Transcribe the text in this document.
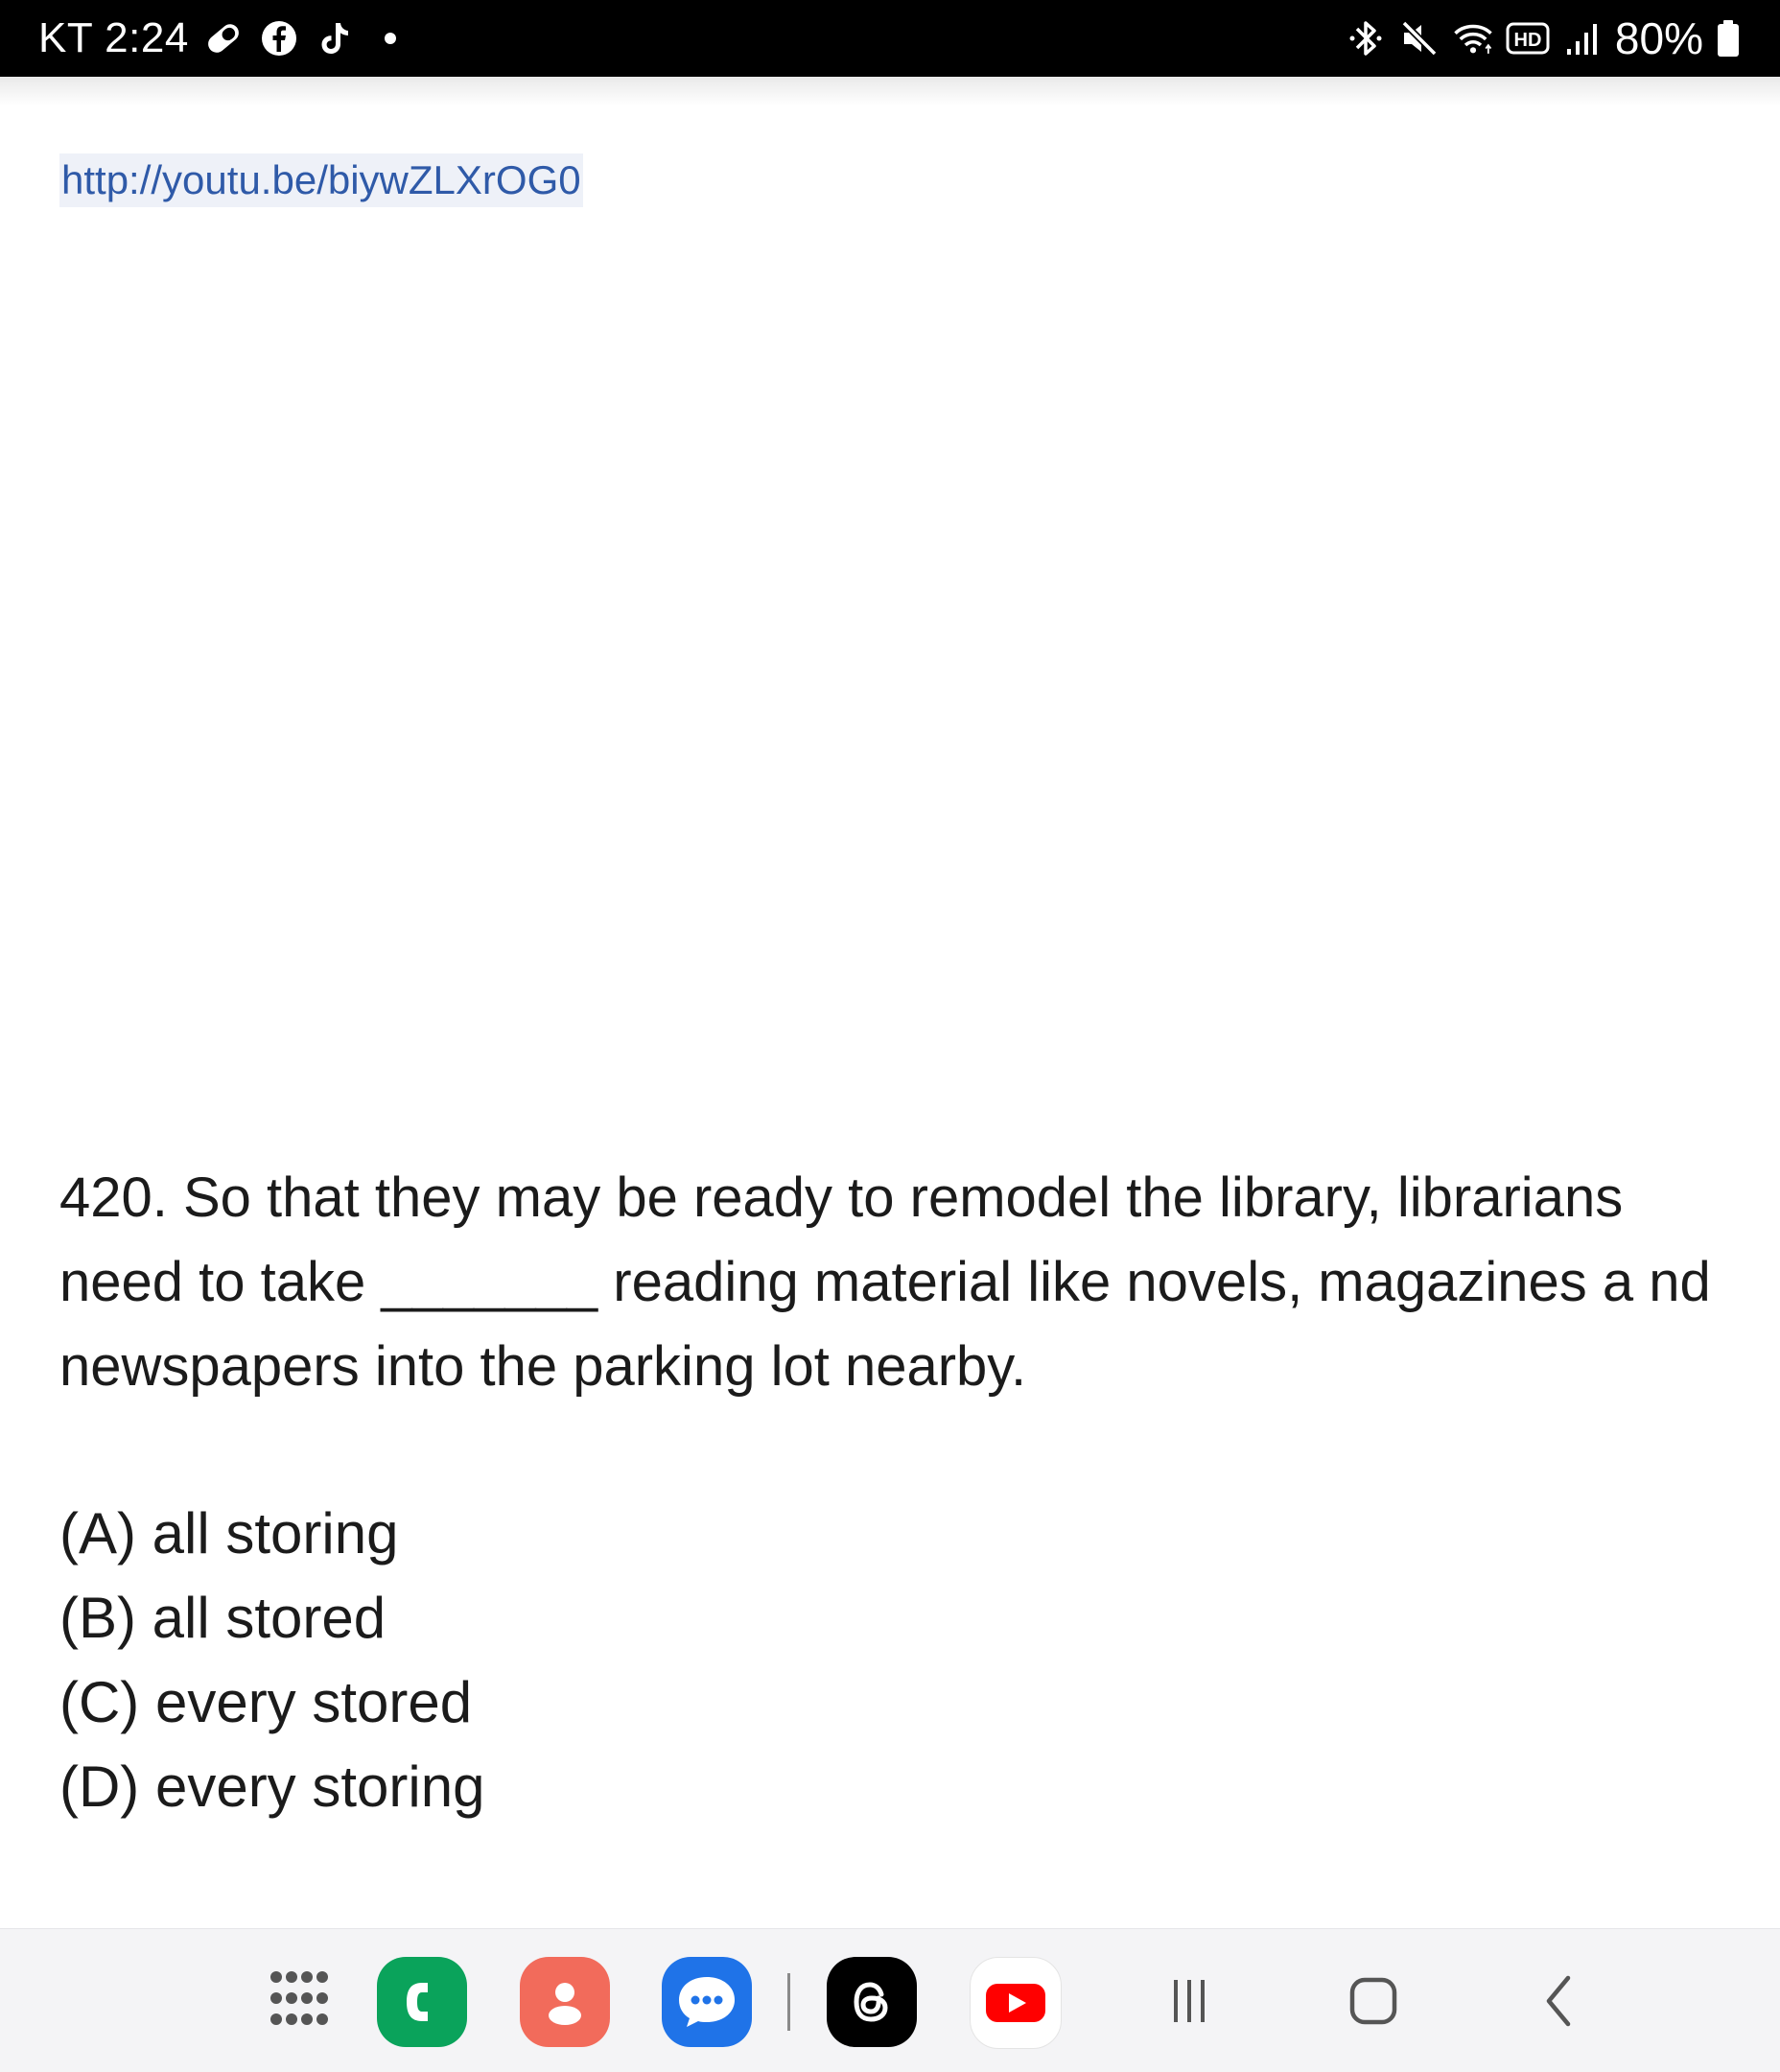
KT 2:24	HD 80%
http://youtu.be/biywZLXrOG0

420. So that they may be ready to remodel the library, librarians need to take _______ reading material like novels, magazines a nd newspapers into the parking lot nearby.

(A) all storing
(B) all stored
(C) every stored
(D) every storing
